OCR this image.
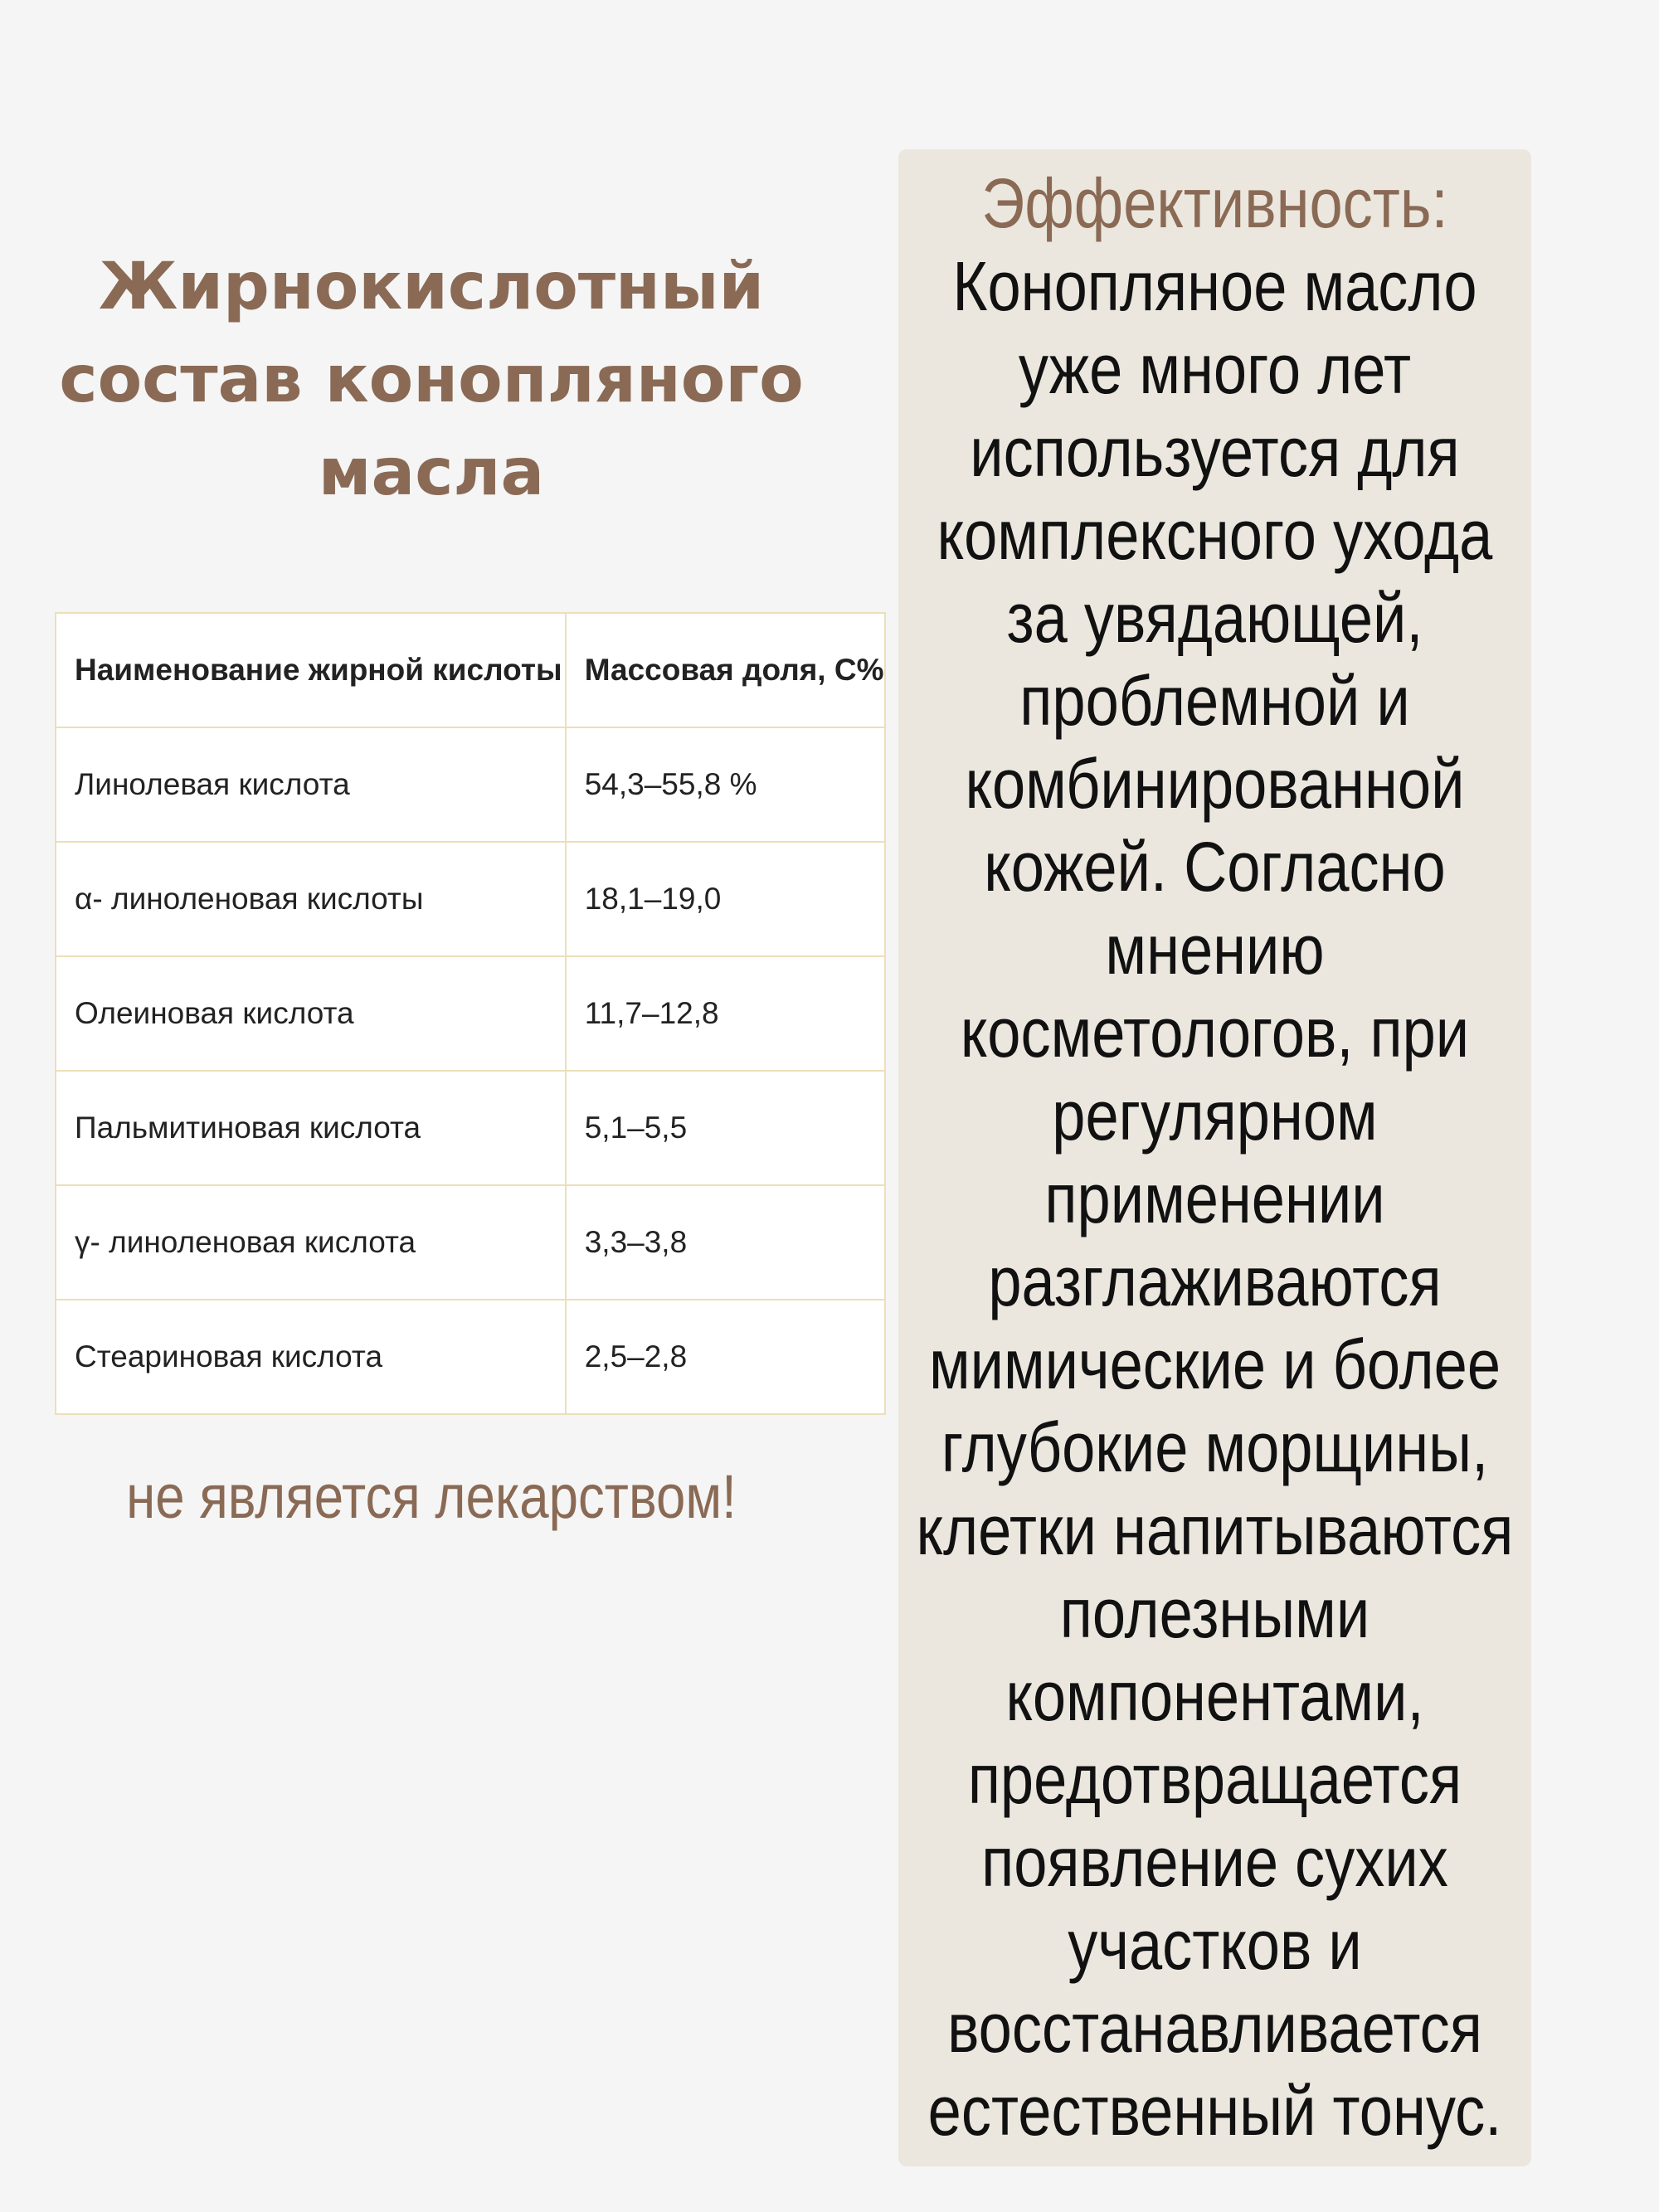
Жирнокислотный
состав конопляного
масла
Наименование жирной кислоты	Массовая доля, С%
Линолевая кислота	54,3–55,8 %
α- линоленовая кислоты	18,1–19,0
Олеиновая кислота	11,7–12,8
Пальмитиновая кислота	5,1–5,5
γ- линоленовая кислота	3,3–3,8
Стеариновая кислота	2,5–2,8
не является лекарством!
Эффективность:
Конопляное масло
уже много лет
используется для
комплексного ухода
за увядающей,
проблемной и
комбинированной
кожей. Согласно
мнению
косметологов, при
регулярном
применении
разглаживаются
мимические и более
глубокие морщины,
клетки напитываются
полезными
компонентами,
предотвращается
появление сухих
участков и
восстанавливается
естественный тонус.
